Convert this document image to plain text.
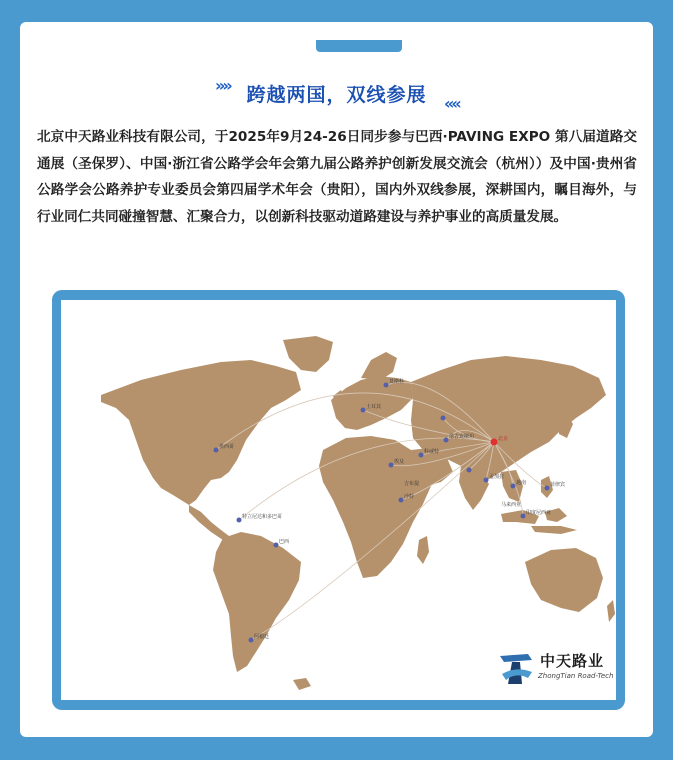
»» 跨越两国，双线参展	««
北京中天路业科技有限公司，于2025年9月24-26日同步参与巴西·PAVING EXPO 第八届道路交通展（圣保罗）、中国·浙江省公路学会年会第九届公路养护创新发展交流会（杭州））及中国·贵州省公路学会公路养护专业委员会第四届学术年会（贵阳），国内外双线参展，深耕国内，瞩目海外，与行业同仁共同碰撞智慧、汇聚合力，以创新科技驱动道路建设与养护事业的高质量发展。
北京
莫斯科
塔吉克斯坦
科威特
沙特
埃及
孟加拉
越南
印度尼西亚
马来西亚
墨西哥
特立尼达和多巴哥
阿根廷
土耳其
吉布提	菲律宾
巴西
中天路业
ZhongTian Road-Tech
